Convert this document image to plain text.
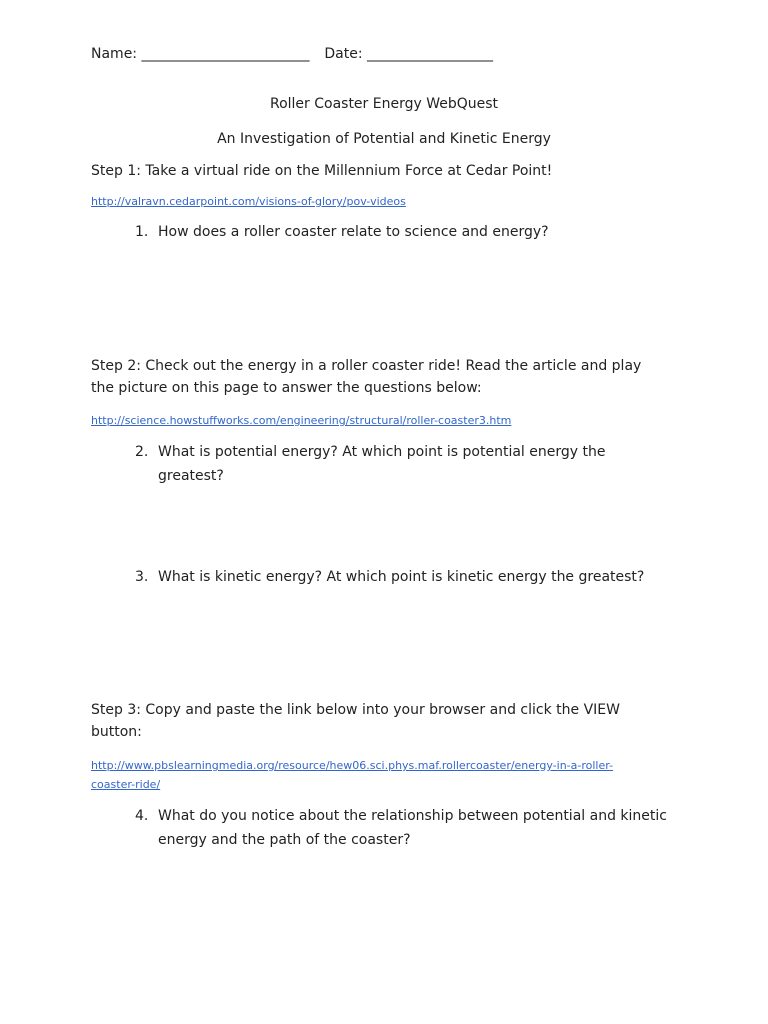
Name: ________________________ Date: __________________
Roller Coaster Energy WebQuest
An Investigation of Potential and Kinetic Energy
Step 1: Take a virtual ride on the Millennium Force at Cedar Point!
http://valravn.cedarpoint.com/visions-of-glory/pov-videos
1. How does a roller coaster relate to science and energy?
Step 2: Check out the energy in a roller coaster ride! Read the article and play
the picture on this page to answer the questions below:
http://science.howstuffworks.com/engineering/structural/roller-coaster3.htm
2. What is potential energy? At which point is potential energy the
greatest?
3. What is kinetic energy? At which point is kinetic energy the greatest?
Step 3: Copy and paste the link below into your browser and click the VIEW
button:
http://www.pbslearningmedia.org/resource/hew06.sci.phys.maf.rollercoaster/energy-in-a-roller-
coaster-ride/
4. What do you notice about the relationship between potential and kinetic
energy and the path of the coaster?
